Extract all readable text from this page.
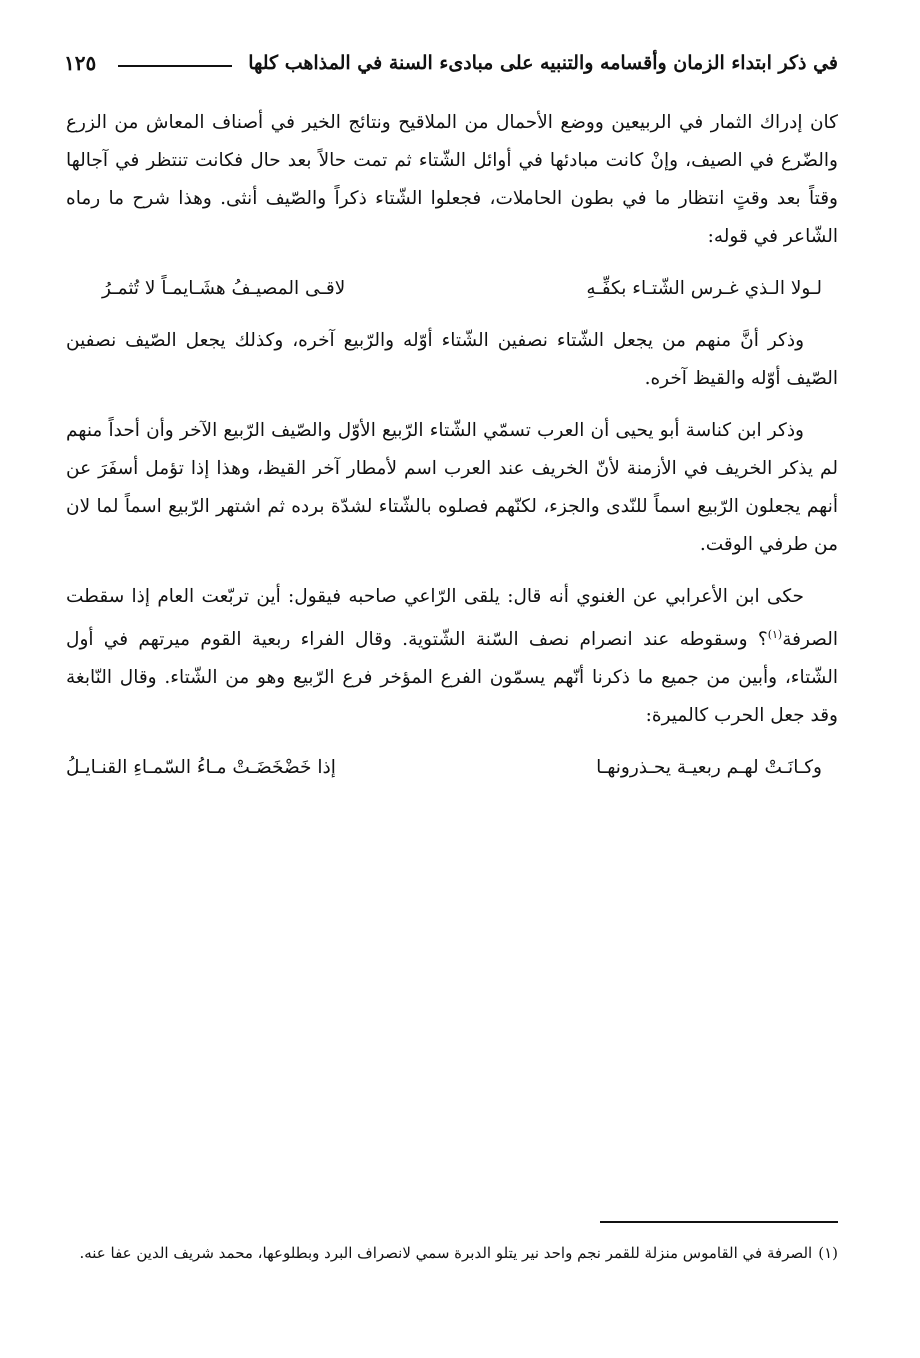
في ذكر ابتداء الزمان وأقسامه والتنبيه على مبادىء السنة في المذاهب كلها
١٢٥

كان إدراك الثمار في الربيعين ووضع الأحمال من الملاقيح ونتائج الخير في أصناف المعاش من الزرع والضّرع في الصيف، وإنْ كانت مبادئها في أوائل الشّتاء ثم تمت حالاً بعد حال فكانت تنتظر في آجالها وقتاً بعد وقتٍ انتظار ما في بطون الحاملات، فجعلوا الشّتاء ذكراً والصّيف أنثى. وهذا شرح ما رماه الشّاعر في قوله:

لـولا الـذي غـرس الشّتـاء بكفِّـهِ
لاقـى المصيـفُ هشَـايمـاً لا تُثمـرُ

وذكر أنَّ منهم من يجعل الشّتاء نصفين الشّتاء أوّله والرّبيع آخره، وكذلك يجعل الصّيف نصفين الصّيف أوّله والقيظ آخره.

وذكر ابن كناسة أبو يحيى أن العرب تسمّي الشّتاء الرّبيع الأوّل والصّيف الرّبيع الآخر وأن أحداً منهم لم يذكر الخريف في الأزمنة لأنّ الخريف عند العرب اسم لأمطار آخر القيظ، وهذا إذا تؤمل أسفَرَ عن أنهم يجعلون الرّبيع اسماً للنّدى والجزء، لكنّهم فصلوه بالشّتاء لشدّة برده ثم اشتهر الرّبيع اسماً لما لان من طرفي الوقت.

حكى ابن الأعرابي عن الغنوي أنه قال: يلقى الرّاعي صاحبه فيقول: أين تربّعت العام إذا سقطت الصرفة$^{(١)}$؟ وسقوطه عند انصرام نصف السّنة الشّتوية. وقال الفراء ربعية القوم ميرتهم في أول الشّتاء، وأبين من جميع ما ذكرنا أنّهم يسمّون الفرع المؤخر فرع الرّبيع وهو من الشّتاء. وقال النّابغة وقد جعل الحرب كالميرة:

وكـانَـتْ لهـم ربعيـة يحـذرونهـا
إذا خَضْخَضَـتْ مـاءُ السّمـاءِ القنـايـلُ
(١)الصرفة في القاموس منزلة للقمر نجم واحد نير يتلو الدبرة سمي لانصراف البرد وبطلوعها، محمد شريف الدين عفا عنه.
